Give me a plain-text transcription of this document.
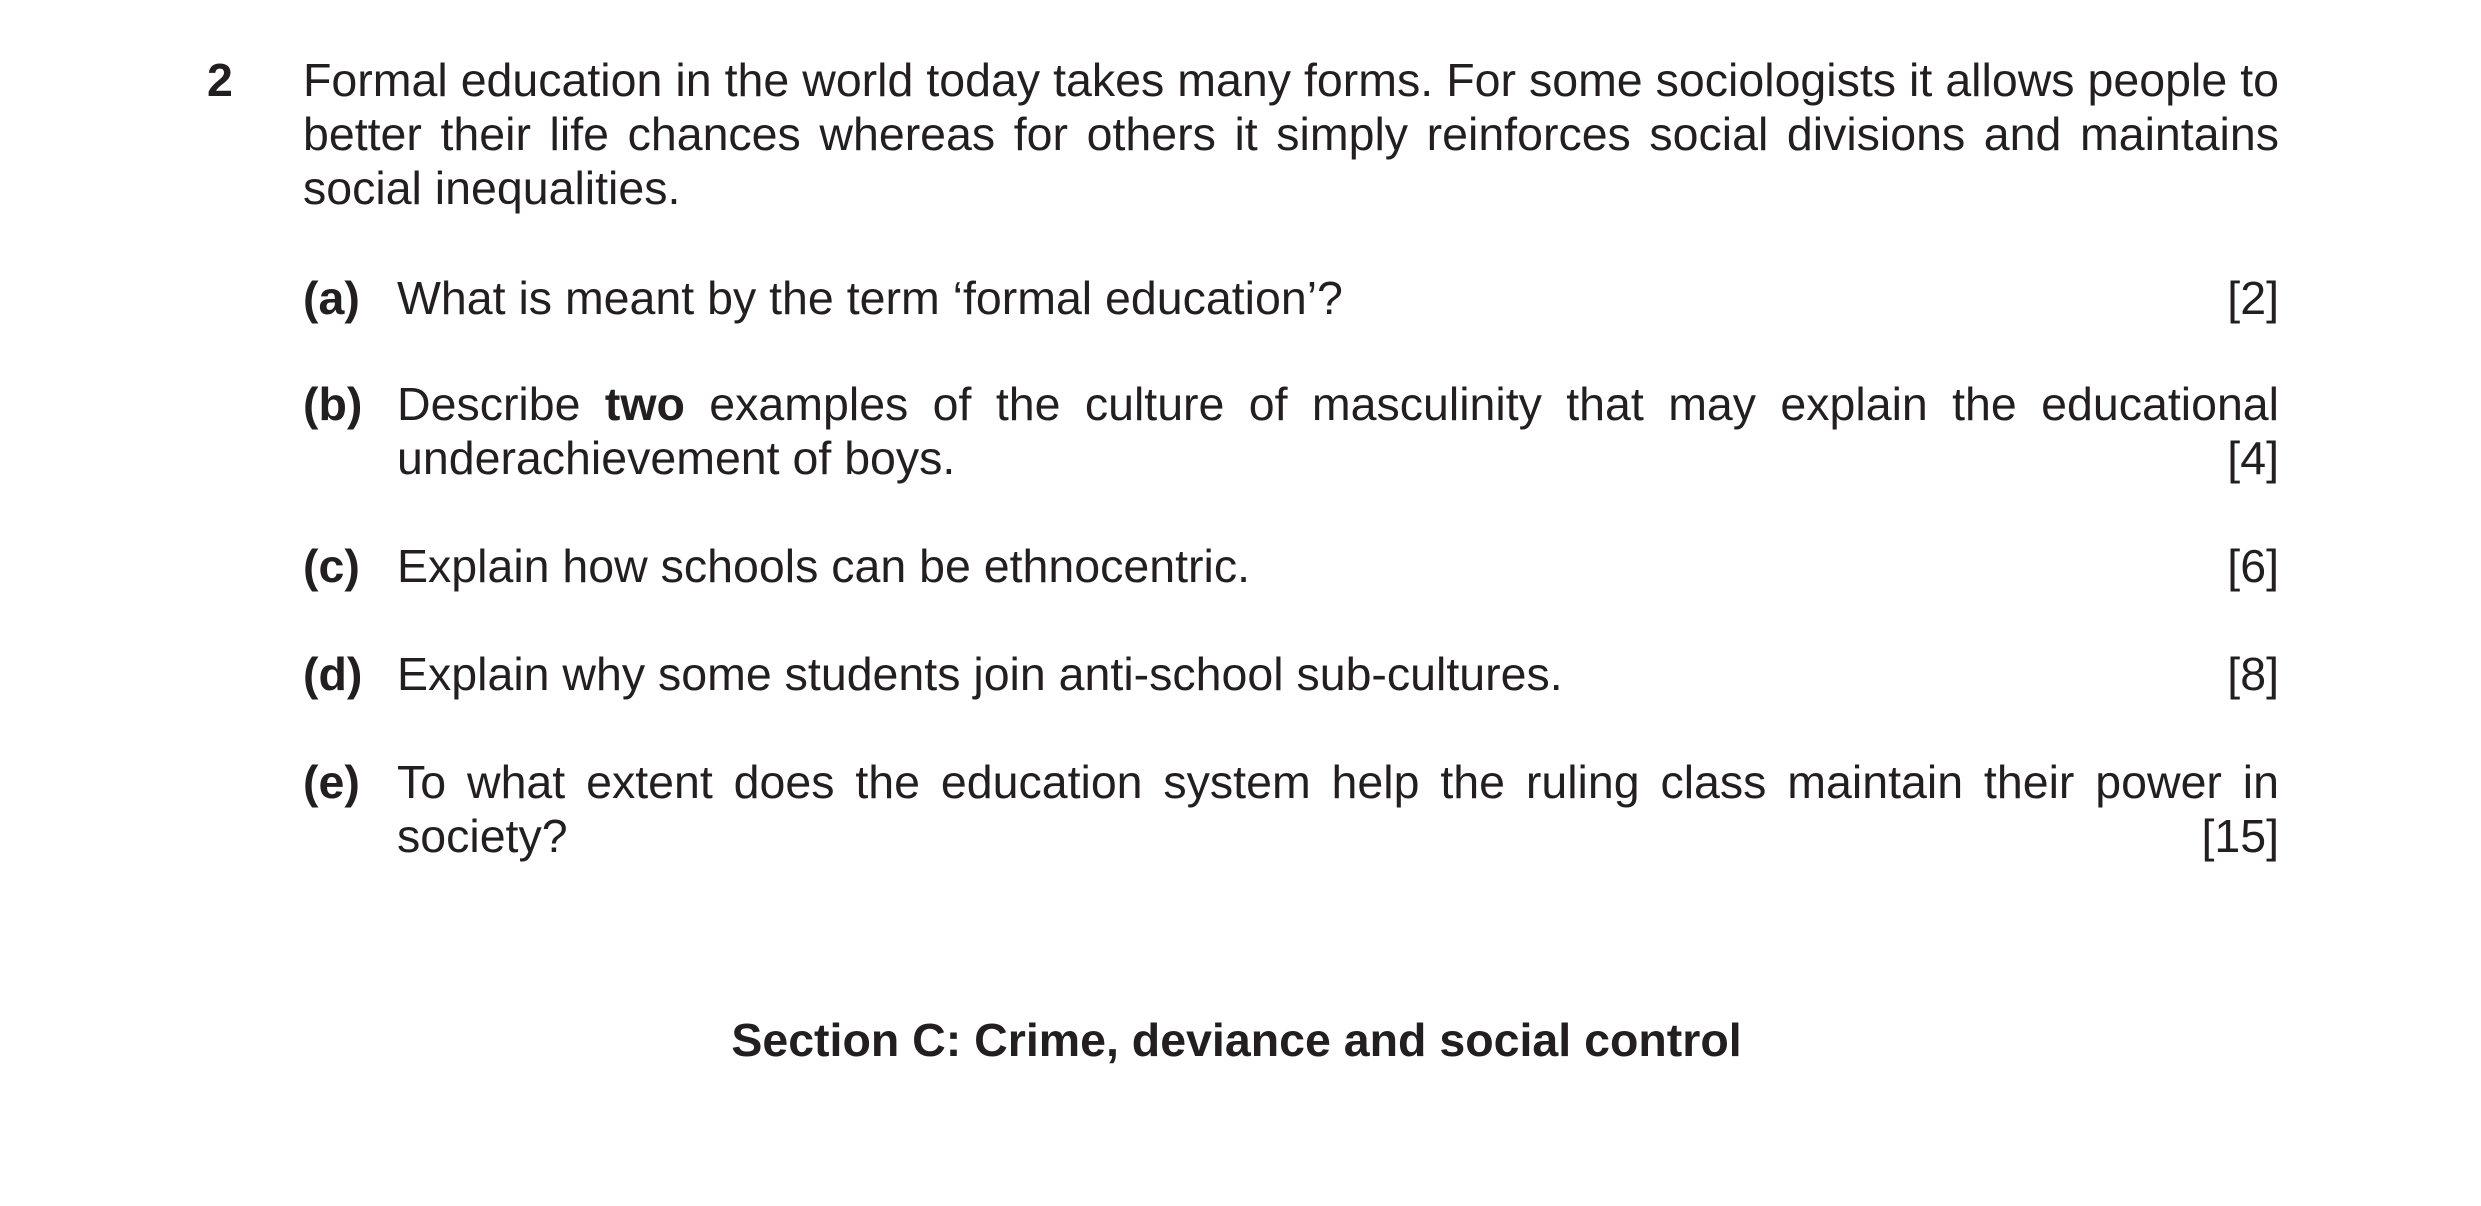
2 Formal education in the world today takes many forms. For some sociologists it allows people to better their life chances whereas for others it simply reinforces social divisions and maintains social inequalities.
(a) What is meant by the term ‘formal education’?	[2]
(b) Describe two examples of the culture of masculinity that may explain the educational
underachievement of boys.	[4]
(c) Explain how schools can be ethnocentric.	[6]
(d) Explain why some students join anti-school sub-cultures.	[8]
(e) To what extent does the education system help the ruling class maintain their power in
society?	[15]
Section C: Crime, deviance and social control
